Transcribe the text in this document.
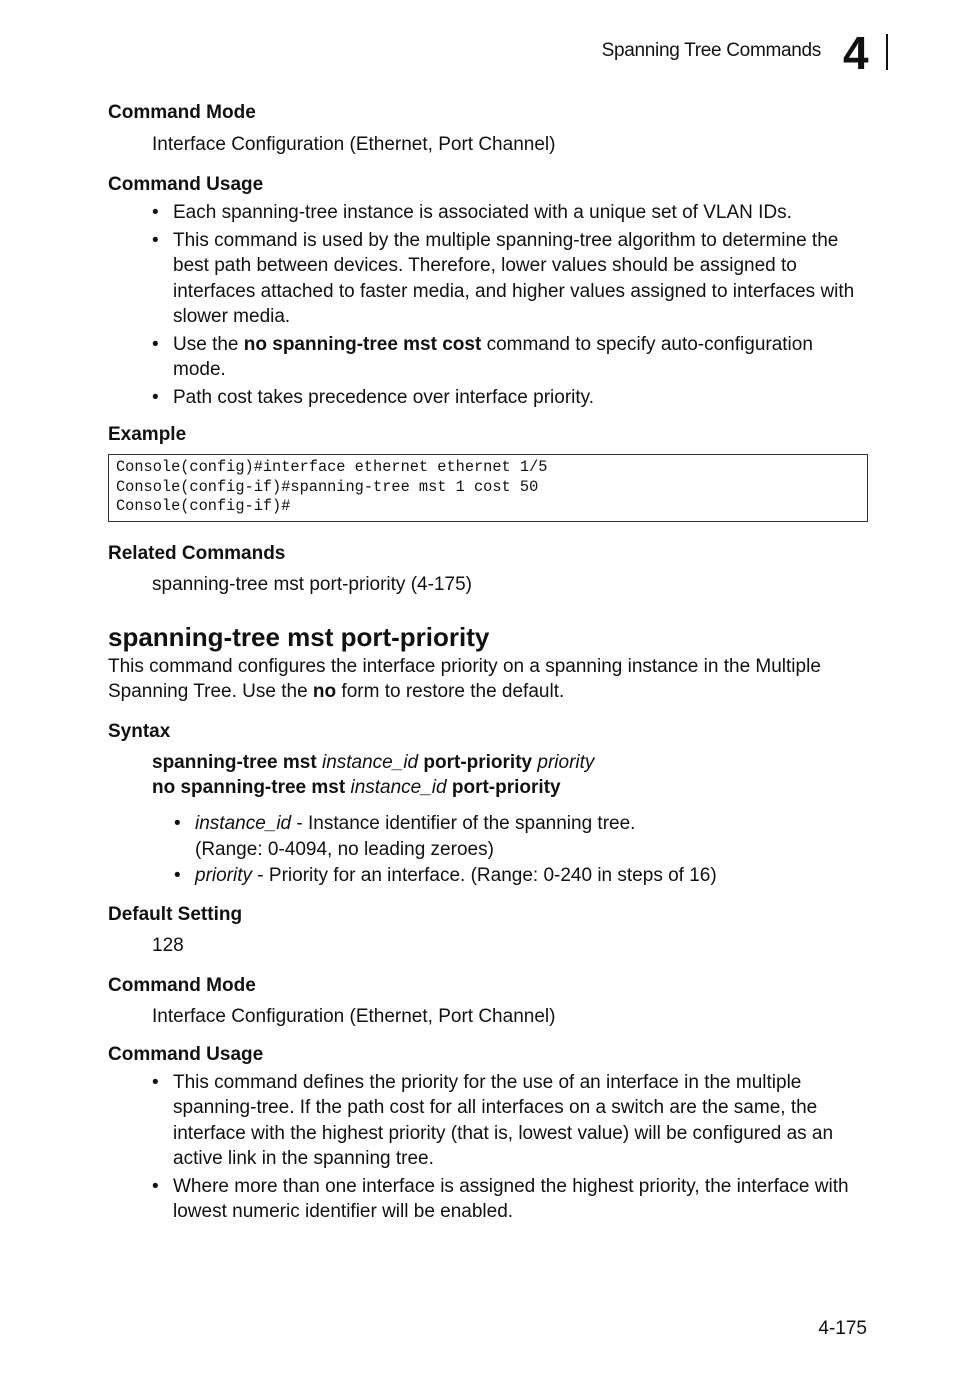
Spanning Tree Commands 4

Command Mode

Interface Configuration (Ethernet, Port Channel)

Command Usage

• Each spanning-tree instance is associated with a unique set of VLAN IDs.
• This command is used by the multiple spanning-tree algorithm to determine the best path between devices. Therefore, lower values should be assigned to interfaces attached to faster media, and higher values assigned to interfaces with slower media.
• Use the no spanning-tree mst cost command to specify auto-configuration mode.
• Path cost takes precedence over interface priority.

Example

Console(config)#interface ethernet ethernet 1/5
Console(config-if)#spanning-tree mst 1 cost 50
Console(config-if)#

Related Commands

spanning-tree mst port-priority (4-175)

spanning-tree mst port-priority

This command configures the interface priority on a spanning instance in the Multiple Spanning Tree. Use the no form to restore the default.

Syntax

spanning-tree mst instance_id port-priority priority
no spanning-tree mst instance_id port-priority
• instance_id - Instance identifier of the spanning tree.
(Range: 0-4094, no leading zeroes)
• priority - Priority for an interface. (Range: 0-240 in steps of 16)

Default Setting

128

Command Mode

Interface Configuration (Ethernet, Port Channel)

Command Usage

• This command defines the priority for the use of an interface in the multiple spanning-tree. If the path cost for all interfaces on a switch are the same, the interface with the highest priority (that is, lowest value) will be configured as an active link in the spanning tree.
• Where more than one interface is assigned the highest priority, the interface with lowest numeric identifier will be enabled.
4-175
